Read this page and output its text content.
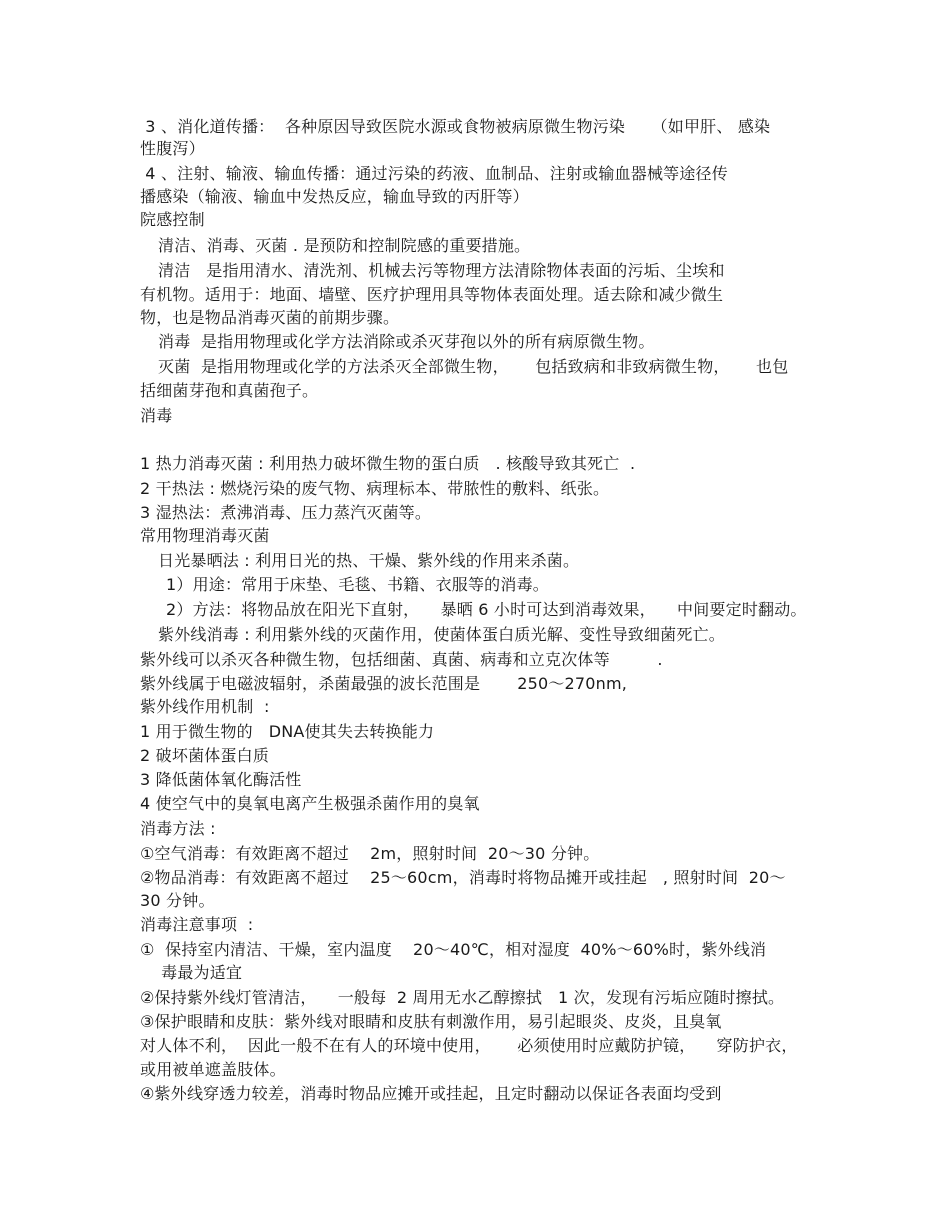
3 、消化道传播：  各种原因导致医院水源或食物被病原微生物污染     （如甲肝、 感染
性腹泻）
4 、注射、输液、输血传播：通过污染的药液、血制品、注射或输血器械等途径传
播感染（输液、输血中发热反应，输血导致的丙肝等）
院感控制
清洁、消毒、灭菌 . 是预防和控制院感的重要措施。
清洁   是指用清水、清洗剂、机械去污等物理方法清除物体表面的污垢、尘埃和
有机物。适用于：地面、墙壁、医疗护理用具等物体表面处理。适去除和减少微生
物，也是物品消毒灭菌的前期步骤。
消毒  是指用物理或化学方法消除或杀灭芽孢以外的所有病原微生物。
灭菌  是指用物理或化学的方法杀灭全部微生物，     包括致病和非致病微生物，     也包
括细菌芽孢和真菌孢子。
消毒
1 热力消毒灭菌 : 利用热力破坏微生物的蛋白质   . 核酸导致其死亡  .
2 干热法 : 燃烧污染的废气物、病理标本、带脓性的敷料、纸张。
3 湿热法：煮沸消毒、压力蒸汽灭菌等。
常用物理消毒灭菌
日光暴晒法 : 利用日光的热、干燥、紫外线的作用来杀菌。
1）用途：常用于床垫、毛毯、书籍、衣服等的消毒。
2）方法：将物品放在阳光下直射，    暴晒 6 小时可达到消毒效果，    中间要定时翻动。
紫外线消毒 : 利用紫外线的灭菌作用，使菌体蛋白质光解、变性导致细菌死亡。
紫外线可以杀灭各种微生物，包括细菌、真菌、病毒和立克次体等         .
紫外线属于电磁波辐射，杀菌最强的波长范围是       250～270nm,
紫外线作用机制  :
1 用于微生物的   DNA使其失去转换能力
2 破坏菌体蛋白质
3 降低菌体氧化酶活性
4 使空气中的臭氧电离产生极强杀菌作用的臭氧
消毒方法 :
①空气消毒：有效距离不超过    2m，照射时间  20～30 分钟。
②物品消毒：有效距离不超过    25～60cm，消毒时将物品摊开或挂起   , 照射时间  20～
30 分钟。
消毒注意事项  :
①  保持室内清洁、干燥，室内温度    20～40℃，相对湿度  40%～60%时，紫外线消
毒最为适宜
②保持紫外线灯管清洁，    一般每  2 周用无水乙醇擦拭   1 次，发现有污垢应随时擦拭。
③保护眼睛和皮肤：紫外线对眼睛和皮肤有刺激作用，易引起眼炎、皮炎，且臭氧
对人体不利，  因此一般不在有人的环境中使用，     必须使用时应戴防护镜，    穿防护衣，
或用被单遮盖肢体。
④紫外线穿透力较差，消毒时物品应摊开或挂起，且定时翻动以保证各表面均受到
